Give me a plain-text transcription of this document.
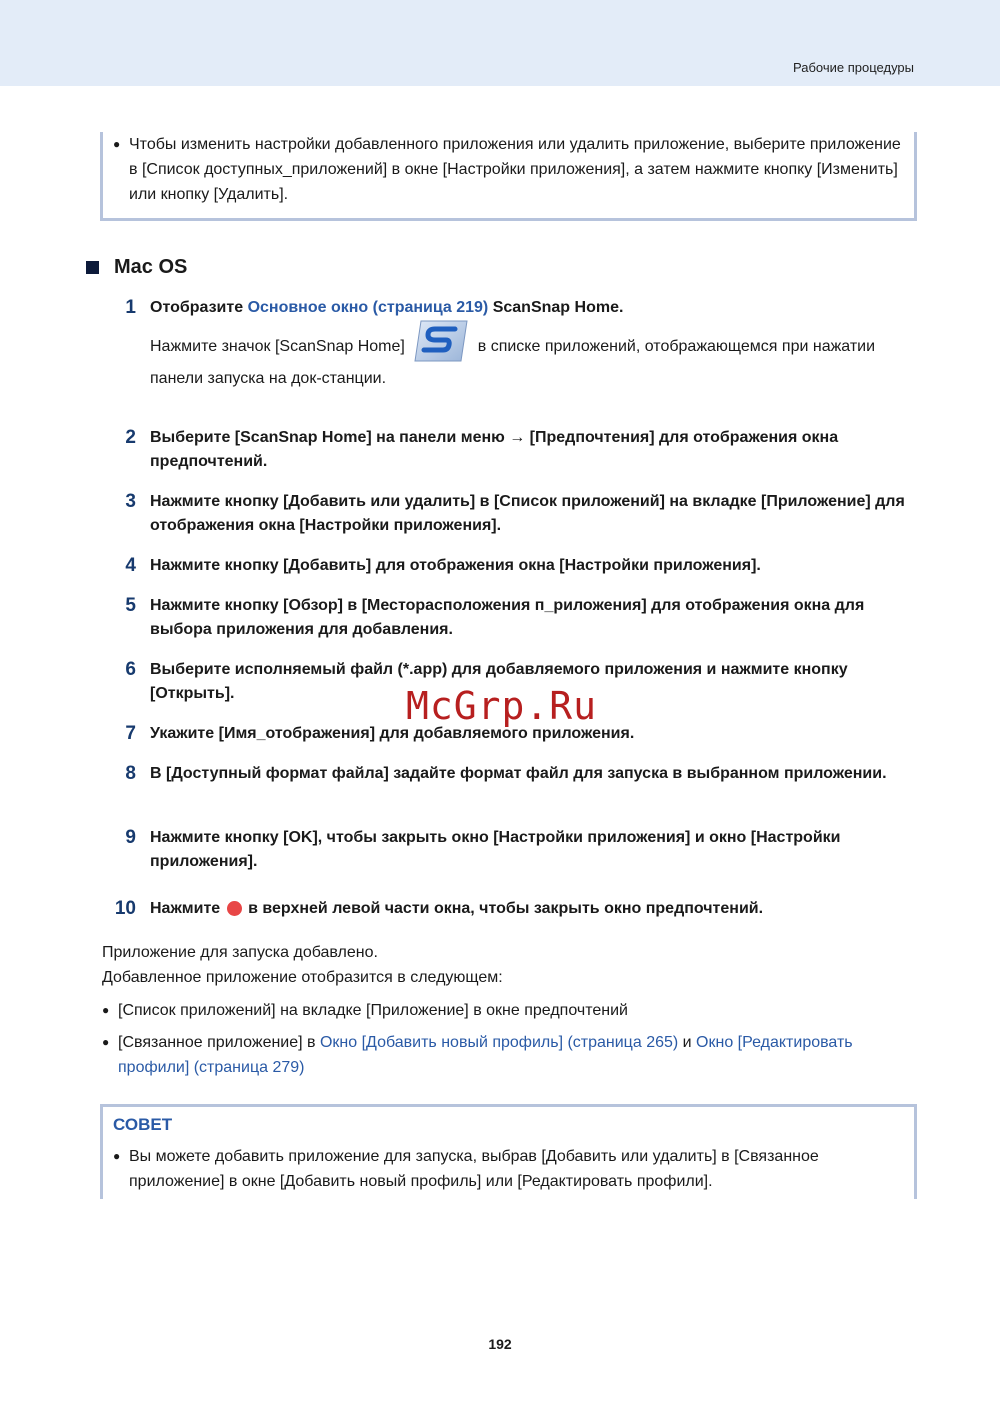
Рабочие процедуры
● Чтобы изменить настройки добавленного приложения или удалить приложение, выберите приложение в [Список доступных_приложений] в окне [Настройки приложения], а затем нажмите кнопку [Изменить] или кнопку [Удалить].
Mac OS
1 Отобразите Основное окно (страница 219) ScanSnap Home.
Нажмите значок [ScanSnap Home]	в списке приложений, отображающемся при нажатии панели запуска на док-станции.
2 Выберите [ScanSnap Home] на панели меню → [Предпочтения] для отображения окна предпочтений.
3 Нажмите кнопку [Добавить или удалить] в [Список приложений] на вкладке [Приложение] для отображения окна [Настройки приложения].
4 Нажмите кнопку [Добавить] для отображения окна [Настройки приложения].
5 Нажмите кнопку [Обзор] в [Месторасположения п_риложения] для отображения окна для выбора приложения для добавления.
6 Выберите исполняемый файл (*.app) для добавляемого приложения и нажмите кнопку [Открыть].
7 Укажите [Имя_отображения] для добавляемого приложения.
8 В [Доступный формат файла] задайте формат файл для запуска в выбранном приложении.
9 Нажмите кнопку [OK], чтобы закрыть окно [Настройки приложения] и окно [Настройки приложения].
10 Нажмите  в верхней левой части окна, чтобы закрыть окно предпочтений.
Приложение для запуска добавлено.
Добавленное приложение отобразится в следующем:
● [Список приложений] на вкладке [Приложение] в окне предпочтений
● [Связанное приложение] в Окно [Добавить новый профиль] (страница 265) и Окно [Редактировать профили] (страница 279)
СОВЕТ
● Вы можете добавить приложение для запуска, выбрав [Добавить или удалить] в [Связанное приложение] в окне [Добавить новый профиль] или [Редактировать профили].
McGrp.Ru
192
